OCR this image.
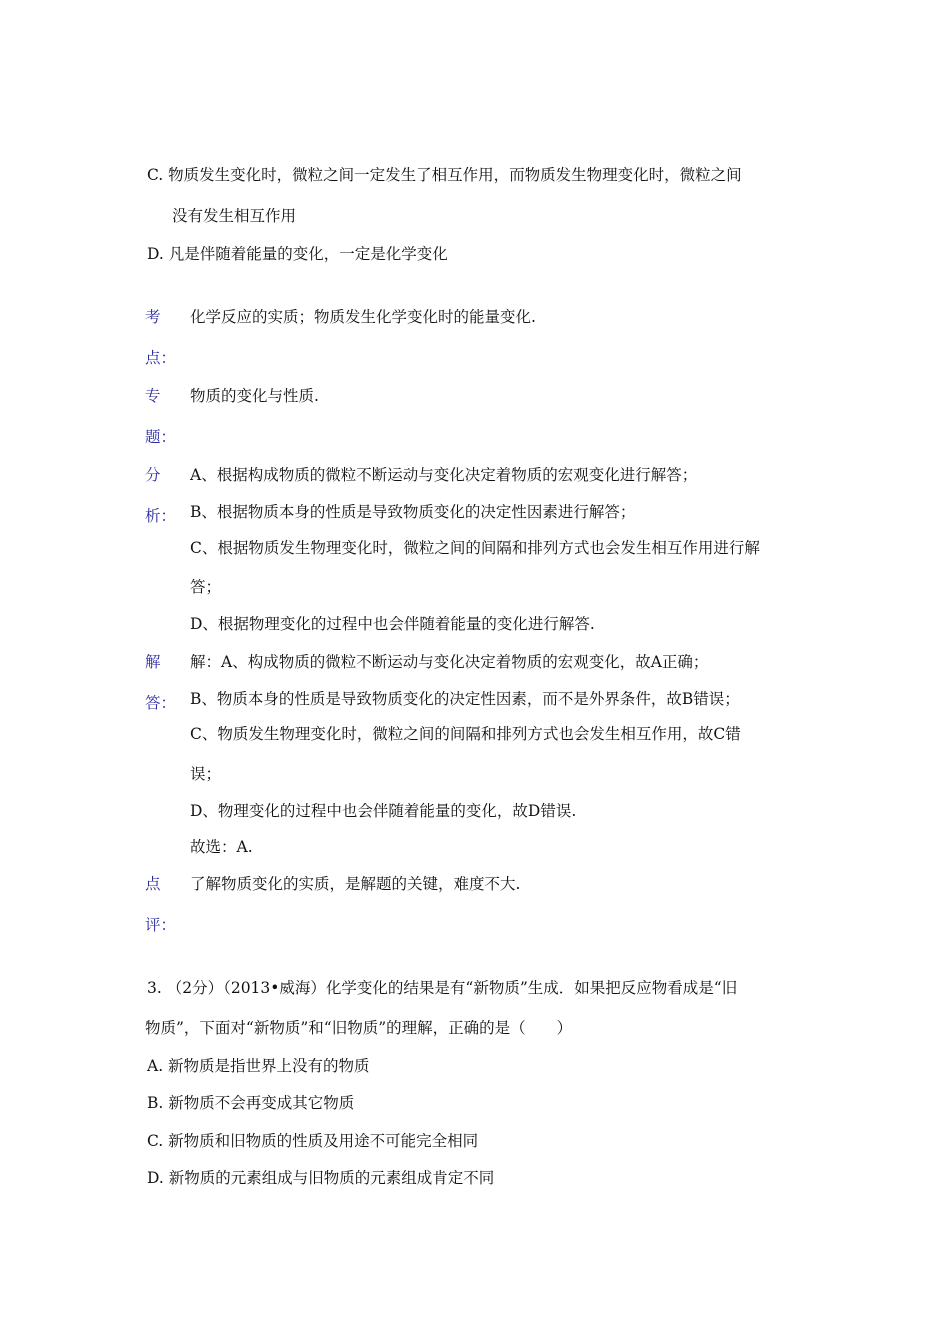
C. 物质发生变化时，微粒之间一定发生了相互作用，而物质发生物理变化时，微粒之间
没有发生相互作用
D. 凡是伴随着能量的变化，一定是化学变化
考
点：
化学反应的实质；物质发生化学变化时的能量变化.
专
题：
物质的变化与性质.
分
析：
A、根据构成物质的微粒不断运动与变化决定着物质的宏观变化进行解答；
B、根据物质本身的性质是导致物质变化的决定性因素进行解答；
C、根据物质发生物理变化时，微粒之间的间隔和排列方式也会发生相互作用进行解
答；
D、根据物理变化的过程中也会伴随着能量的变化进行解答.
解
答：
解：A、构成物质的微粒不断运动与变化决定着物质的宏观变化，故A正确；
B、物质本身的性质是导致物质变化的决定性因素，而不是外界条件，故B错误；
C、物质发生物理变化时，微粒之间的间隔和排列方式也会发生相互作用，故C错
误；
D、物理变化的过程中也会伴随着能量的变化，故D错误.
故选：A.
点
评：
了解物质变化的实质，是解题的关键，难度不大.
3. （2分）（2013•威海）化学变化的结果是有“新物质”生成．如果把反应物看成是“旧
物质”，下面对“新物质”和“旧物质”的理解，正确的是（　　）
A. 新物质是指世界上没有的物质
B. 新物质不会再变成其它物质
C. 新物质和旧物质的性质及用途不可能完全相同
D. 新物质的元素组成与旧物质的元素组成肯定不同
